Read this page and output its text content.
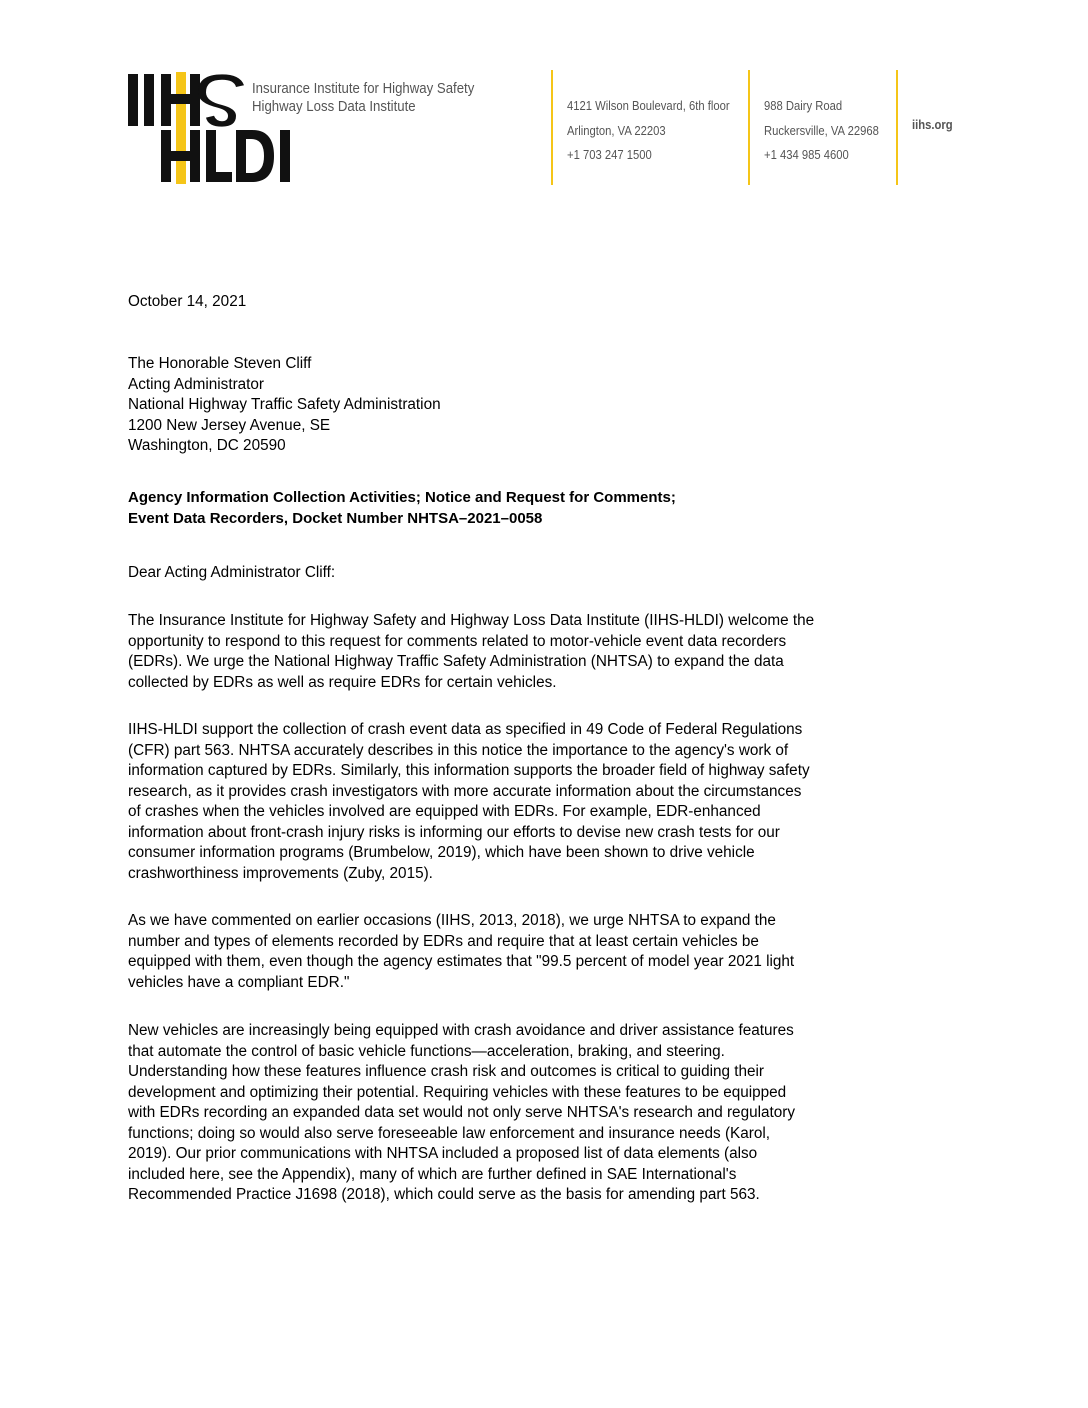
Insurance Institute for Highway Safety
Highway Loss Data Institute	4121 Wilson Boulevard, 6th floor
Arlington, VA 22203
+1 703 247 1500
988 Dairy Road
Ruckersville, VA 22968
+1 434 985 4600
iihs.org
October 14, 2021
The Honorable Steven Cliff
Acting Administrator
National Highway Traffic Safety Administration
1200 New Jersey Avenue, SE
Washington, DC 20590
Agency Information Collection Activities; Notice and Request for Comments;
Event Data Recorders, Docket Number NHTSA–2021–0058
Dear Acting Administrator Cliff:
The Insurance Institute for Highway Safety and Highway Loss Data Institute (IIHS-HLDI) welcome the
opportunity to respond to this request for comments related to motor-vehicle event data recorders
(EDRs). We urge the National Highway Traffic Safety Administration (NHTSA) to expand the data
collected by EDRs as well as require EDRs for certain vehicles.
IIHS-HLDI support the collection of crash event data as specified in 49 Code of Federal Regulations
(CFR) part 563. NHTSA accurately describes in this notice the importance to the agency's work of
information captured by EDRs. Similarly, this information supports the broader field of highway safety
research, as it provides crash investigators with more accurate information about the circumstances
of crashes when the vehicles involved are equipped with EDRs. For example, EDR-enhanced
information about front-crash injury risks is informing our efforts to devise new crash tests for our
consumer information programs (Brumbelow, 2019), which have been shown to drive vehicle
crashworthiness improvements (Zuby, 2015).
As we have commented on earlier occasions (IIHS, 2013, 2018), we urge NHTSA to expand the
number and types of elements recorded by EDRs and require that at least certain vehicles be
equipped with them, even though the agency estimates that "99.5 percent of model year 2021 light
vehicles have a compliant EDR."
New vehicles are increasingly being equipped with crash avoidance and driver assistance features
that automate the control of basic vehicle functions—acceleration, braking, and steering.
Understanding how these features influence crash risk and outcomes is critical to guiding their
development and optimizing their potential. Requiring vehicles with these features to be equipped
with EDRs recording an expanded data set would not only serve NHTSA's research and regulatory
functions; doing so would also serve foreseeable law enforcement and insurance needs (Karol,
2019). Our prior communications with NHTSA included a proposed list of data elements (also
included here, see the Appendix), many of which are further defined in SAE International's
Recommended Practice J1698 (2018), which could serve as the basis for amending part 563.
